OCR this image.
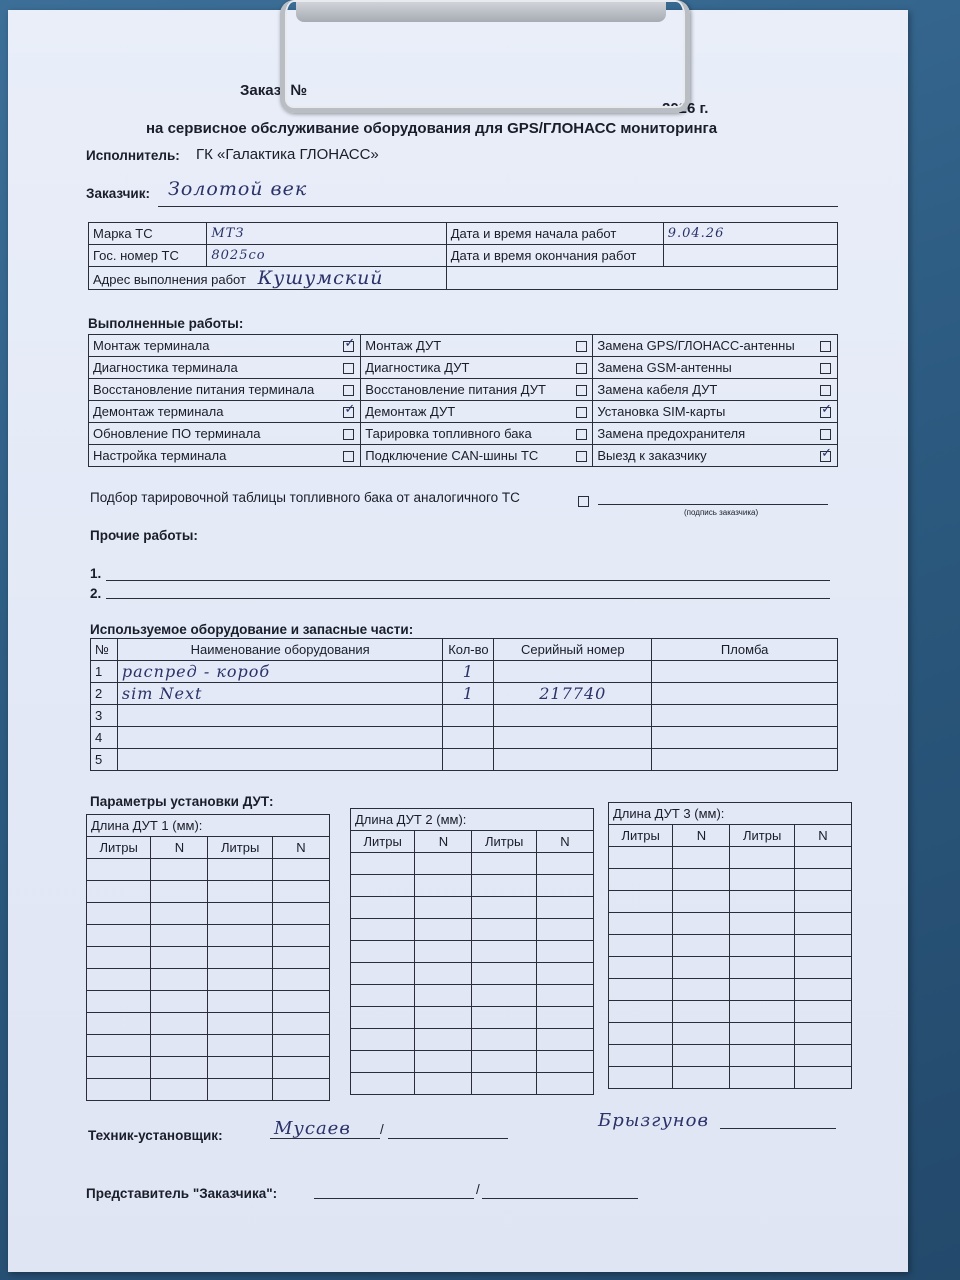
Заказ- №
2026 г.
на сервисное обслуживание оборудования для GPS/ГЛОНАСС мониторинга
Исполнитель: ГК «Галактика ГЛОНАСС»
Заказчик: Золотой век
Марка ТС	МТЗ	Дата и время начала работ	9.04.26
Гос. номер ТС	8025со	Дата и время окончания работ	
Адрес выполнения работ Кушумский			
Выполненные работы:
Монтаж терминала	✓	Монтаж ДУТ		Замена GPS/ГЛОНАСС-антенны	
Диагностика терминала		Диагностика ДУТ		Замена GSM-антенны	
Восстановление питания терминала		Восстановление питания ДУТ		Замена кабеля ДУТ	
Демонтаж терминала	✓	Демонтаж ДУТ		Установка SIM-карты	✓
Обновление ПО терминала		Тарировка топливного бака		Замена предохранителя	
Настройка терминала		Подключение CAN-шины ТС		Выезд к заказчику	✓
Подбор тарировочной таблицы топливного бака от аналогичного ТС
(подпись заказчика)
Прочие работы:
1.
2.
Используемое оборудование и запасные части:
№	Наименование оборудования	Кол-во	Серийный номер	Пломба
1	распред - короб	1		
2	sim Next	1	217740	
3				
4				
5				
Параметры установки ДУТ:
Длина ДУТ 1 (мм):			
Литры	N	Литры	N

Длина ДУТ 2 (мм):			
Литры	N	Литры	N

Длина ДУТ 3 (мм):			
Литры	N	Литры	N

Техник-установщик:	Мусаев /	Брызгунов
Представитель "Заказчика":	/
